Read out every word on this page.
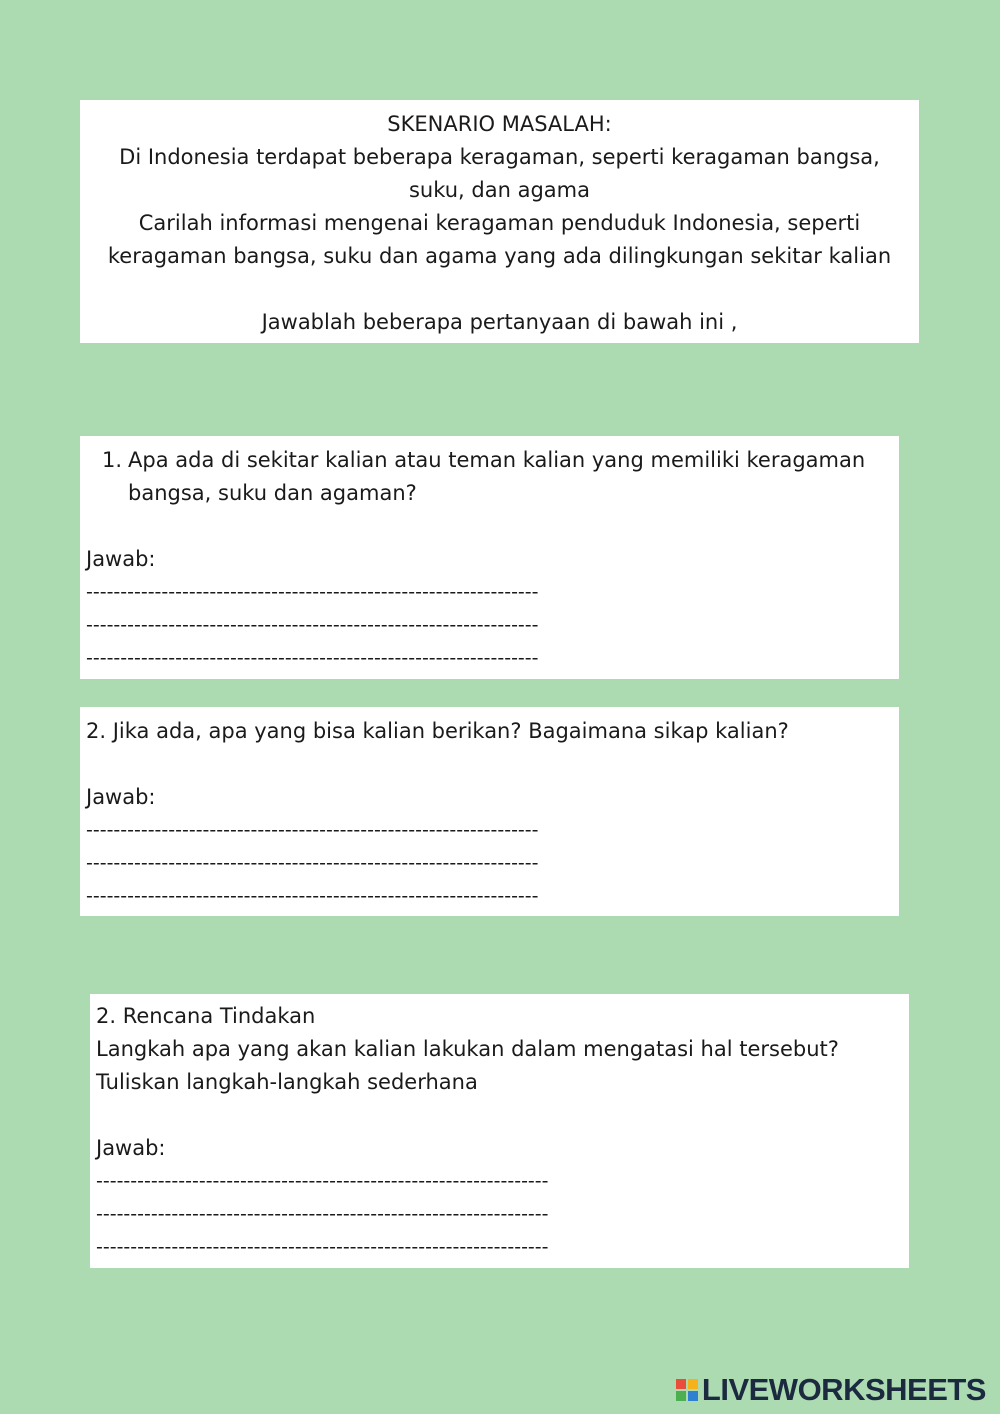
SKENARIO MASALAH:
Di Indonesia terdapat beberapa keragaman, seperti keragaman bangsa,
suku, dan agama
Carilah informasi mengenai keragaman penduduk Indonesia, seperti
keragaman bangsa, suku dan agama yang ada dilingkungan sekitar kalian
Jawablah beberapa pertanyaan di bawah ini ,
1. Apa ada di sekitar kalian atau teman kalian yang memiliki keragaman
bangsa, suku dan agaman?
Jawab:
------------------------------------------------------------------
------------------------------------------------------------------
------------------------------------------------------------------
2. Jika ada, apa yang bisa kalian berikan? Bagaimana sikap kalian?
Jawab:
------------------------------------------------------------------
------------------------------------------------------------------
------------------------------------------------------------------
2. Rencana Tindakan
Langkah apa yang akan kalian lakukan dalam mengatasi hal tersebut?
Tuliskan langkah-langkah sederhana
Jawab:
------------------------------------------------------------------
------------------------------------------------------------------
------------------------------------------------------------------
LIVEWORKSHEETS
